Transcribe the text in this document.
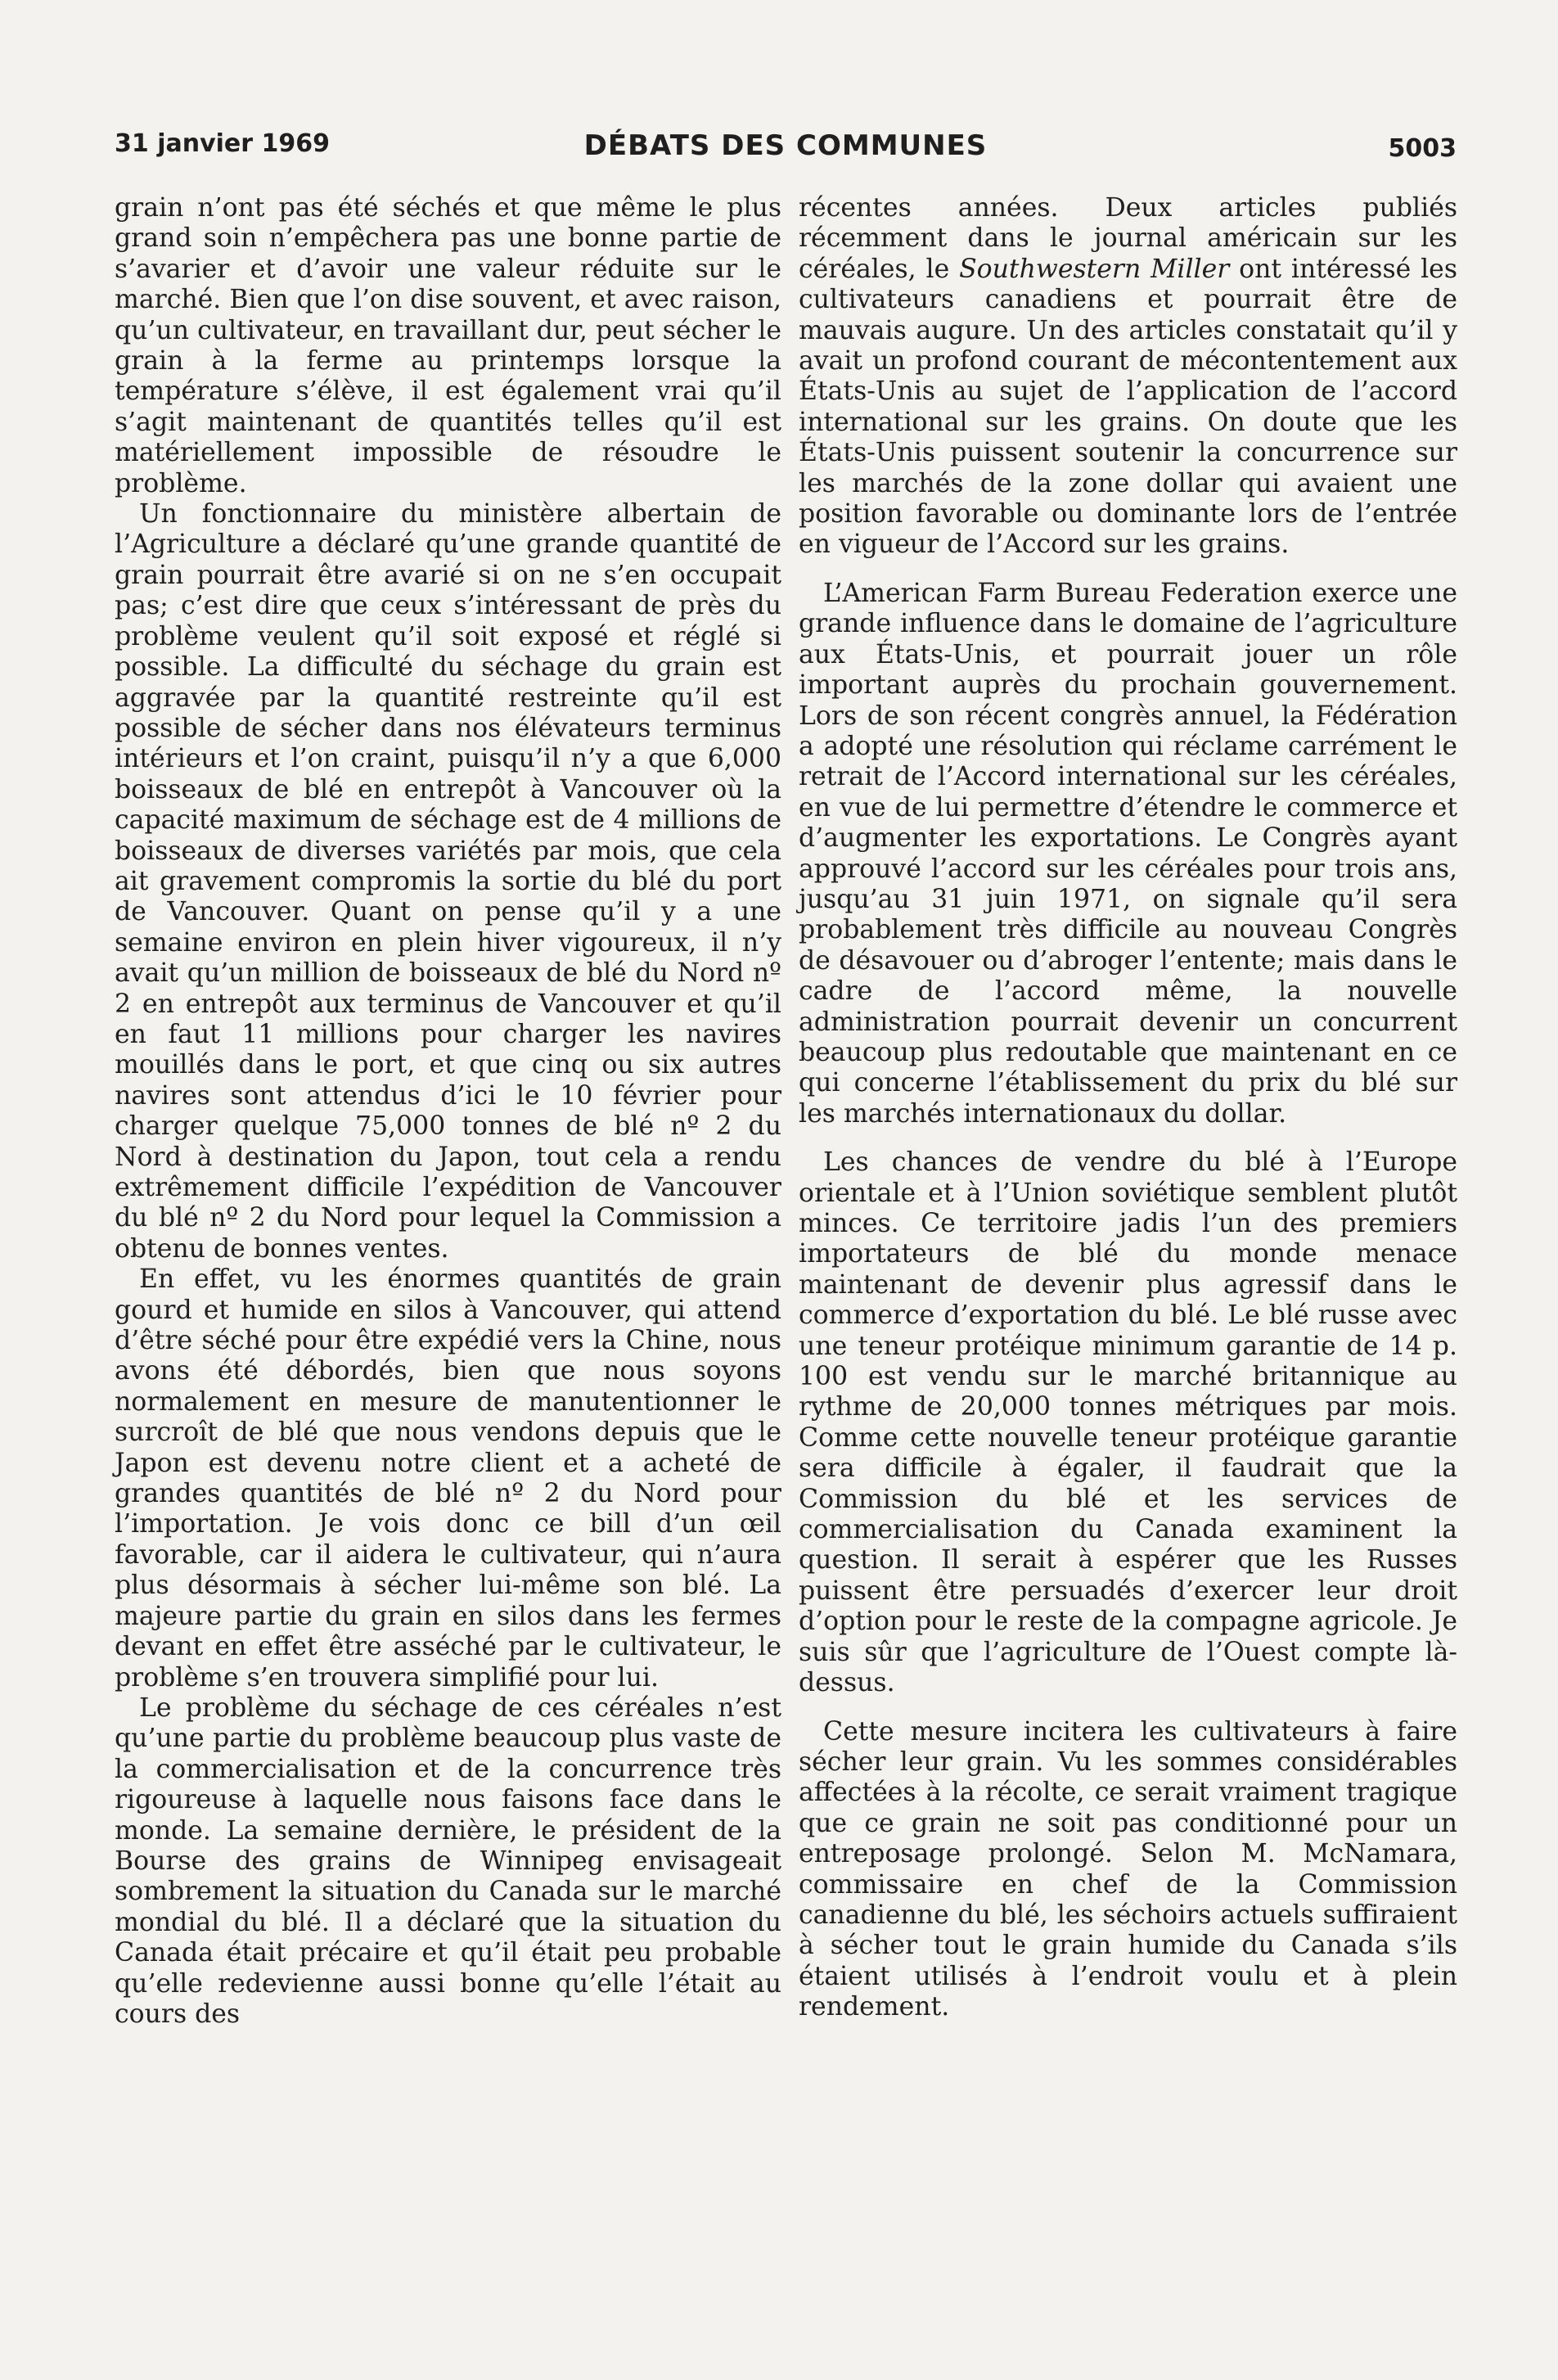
31 janvier 1969	DÉBATS DES COMMUNES	5003

grain n’ont pas été séchés et que même le plus grand soin n’empêchera pas une bonne partie de s’avarier et d’avoir une valeur réduite sur le marché. Bien que l’on dise souvent, et avec raison, qu’un cultivateur, en travaillant dur, peut sécher le grain à la ferme au printemps lorsque la température s’élève, il est également vrai qu’il s’agit maintenant de quantités telles qu’il est matériellement impossible de résoudre le problème.

Un fonctionnaire du ministère albertain de l’Agriculture a déclaré qu’une grande quantité de grain pourrait être avarié si on ne s’en occupait pas; c’est dire que ceux s’intéressant de près du problème veulent qu’il soit exposé et réglé si possible. La difficulté du séchage du grain est aggravée par la quantité restreinte qu’il est possible de sécher dans nos élévateurs terminus intérieurs et l’on craint, puisqu’il n’y a que 6,000 boisseaux de blé en entrepôt à Vancouver où la capacité maximum de séchage est de 4 millions de boisseaux de diverses variétés par mois, que cela ait gravement compromis la sortie du blé du port de Vancouver. Quant on pense qu’il y a une semaine environ en plein hiver vigoureux, il n’y avait qu’un million de boisseaux de blé du Nord nº 2 en entrepôt aux terminus de Vancouver et qu’il en faut 11 millions pour charger les navires mouillés dans le port, et que cinq ou six autres navires sont attendus d’ici le 10 février pour charger quelque 75,000 tonnes de blé nº 2 du Nord à destination du Japon, tout cela a rendu extrêmement difficile l’expédition de Vancouver du blé nº 2 du Nord pour lequel la Commission a obtenu de bonnes ventes.

En effet, vu les énormes quantités de grain gourd et humide en silos à Vancouver, qui attend d’être séché pour être expédié vers la Chine, nous avons été débordés, bien que nous soyons normalement en mesure de manutentionner le surcroît de blé que nous vendons depuis que le Japon est devenu notre client et a acheté de grandes quantités de blé nº 2 du Nord pour l’importation. Je vois donc ce bill d’un œil favorable, car il aidera le cultivateur, qui n’aura plus désormais à sécher lui-même son blé. La majeure partie du grain en silos dans les fermes devant en effet être asséché par le cultivateur, le problème s’en trouvera simplifié pour lui.

Le problème du séchage de ces céréales n’est qu’une partie du problème beaucoup plus vaste de la commercialisation et de la concurrence très rigoureuse à laquelle nous faisons face dans le monde. La semaine dernière, le président de la Bourse des grains de Winnipeg envisageait sombrement la situation du Canada sur le marché mondial du blé. Il a déclaré que la situation du Canada était précaire et qu’il était peu probable qu’elle redevienne aussi bonne qu’elle l’était au cours des

récentes années. Deux articles publiés récemment dans le journal américain sur les céréales, le Southwestern Miller ont intéressé les cultivateurs canadiens et pourrait être de mauvais augure. Un des articles constatait qu’il y avait un profond courant de mécontentement aux États-Unis au sujet de l’application de l’accord international sur les grains. On doute que les États-Unis puissent soutenir la concurrence sur les marchés de la zone dollar qui avaient une position favorable ou dominante lors de l’entrée en vigueur de l’Accord sur les grains.

L’American Farm Bureau Federation exerce une grande influence dans le domaine de l’agriculture aux États-Unis, et pourrait jouer un rôle important auprès du prochain gouvernement. Lors de son récent congrès annuel, la Fédération a adopté une résolution qui réclame carrément le retrait de l’Accord international sur les céréales, en vue de lui permettre d’étendre le commerce et d’augmenter les exportations. Le Congrès ayant approuvé l’accord sur les céréales pour trois ans, jusqu’au 31 juin 1971, on signale qu’il sera probablement très difficile au nouveau Congrès de désavouer ou d’abroger l’entente; mais dans le cadre de l’accord même, la nouvelle administration pourrait devenir un concurrent beaucoup plus redoutable que maintenant en ce qui concerne l’établissement du prix du blé sur les marchés internationaux du dollar.

Les chances de vendre du blé à l’Europe orientale et à l’Union soviétique semblent plutôt minces. Ce territoire jadis l’un des premiers importateurs de blé du monde menace maintenant de devenir plus agressif dans le commerce d’exportation du blé. Le blé russe avec une teneur protéique minimum garantie de 14 p. 100 est vendu sur le marché britannique au rythme de 20,000 tonnes métriques par mois. Comme cette nouvelle teneur protéique garantie sera difficile à égaler, il faudrait que la Commission du blé et les services de commercialisation du Canada examinent la question. Il serait à espérer que les Russes puissent être persuadés d’exercer leur droit d’option pour le reste de la compagne agricole. Je suis sûr que l’agriculture de l’Ouest compte là-dessus.

Cette mesure incitera les cultivateurs à faire sécher leur grain. Vu les sommes considérables affectées à la récolte, ce serait vraiment tragique que ce grain ne soit pas conditionné pour un entreposage prolongé. Selon M. McNamara, commissaire en chef de la Commission canadienne du blé, les séchoirs actuels suffiraient à sécher tout le grain humide du Canada s’ils étaient utilisés à l’endroit voulu et à plein rendement.
